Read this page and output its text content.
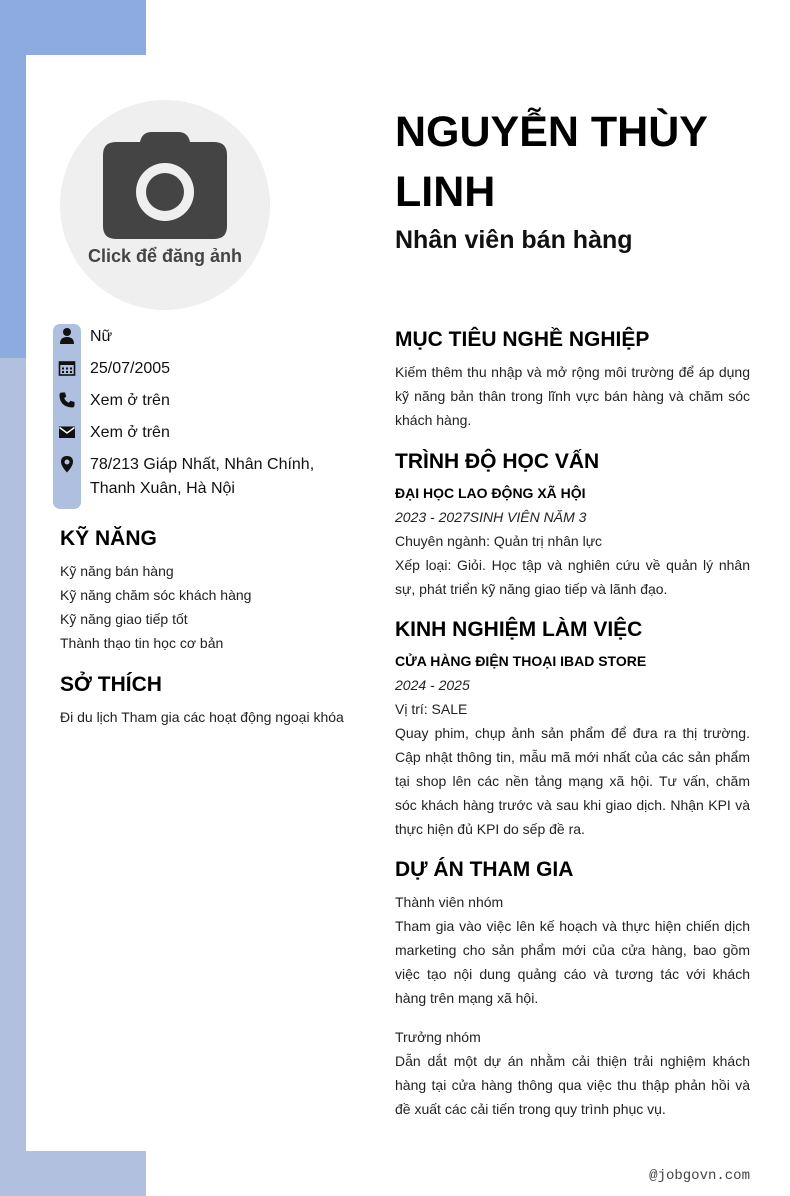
Click để đăng ảnh
NGUYỄN THÙY LINH
Nhân viên bán hàng
Nữ
25/07/2005
Xem ở trên
Xem ở trên
78/213 Giáp Nhất, Nhân Chính,
Thanh Xuân, Hà Nội
KỸ NĂNG
Kỹ năng bán hàng
Kỹ năng chăm sóc khách hàng
Kỹ năng giao tiếp tốt
Thành thạo tin học cơ bản
SỞ THÍCH
Đi du lịch Tham gia các hoạt động ngoại khóa
MỤC TIÊU NGHỀ NGHIỆP
Kiếm thêm thu nhập và mở rộng môi trường để áp dụng kỹ năng bản thân trong lĩnh vực bán hàng và chăm sóc khách hàng.
TRÌNH ĐỘ HỌC VẤN
ĐẠI HỌC LAO ĐỘNG XÃ HỘI
2023 - 2027SINH VIÊN NĂM 3
Chuyên ngành: Quản trị nhân lực
Xếp loại: Giỏi. Học tập và nghiên cứu về quản lý nhân sự, phát triển kỹ năng giao tiếp và lãnh đạo.
KINH NGHIỆM LÀM VIỆC
CỬA HÀNG ĐIỆN THOẠI IBAD STORE
2024 - 2025
Vị trí: SALE
Quay phim, chụp ảnh sản phẩm để đưa ra thị trường. Cập nhật thông tin, mẫu mã mới nhất của các sản phẩm tại shop lên các nền tảng mạng xã hội. Tư vấn, chăm sóc khách hàng trước và sau khi giao dịch. Nhận KPI và thực hiện đủ KPI do sếp đề ra.
DỰ ÁN THAM GIA
Thành viên nhóm
Tham gia vào việc lên kế hoạch và thực hiện chiến dịch marketing cho sản phẩm mới của cửa hàng, bao gồm việc tạo nội dung quảng cáo và tương tác với khách hàng trên mạng xã hội.
Trưởng nhóm
Dẫn dắt một dự án nhằm cải thiện trải nghiệm khách hàng tại cửa hàng thông qua việc thu thập phản hồi và đề xuất các cải tiến trong quy trình phục vụ.
@jobgovn.com
